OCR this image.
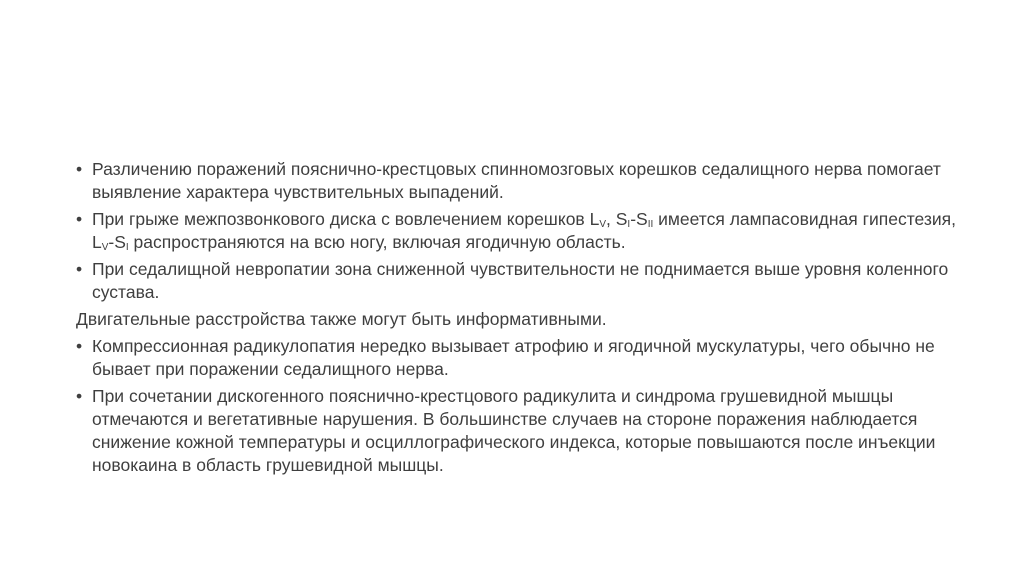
• Различению поражений пояснично-крестцовых спинномозговых корешков седалищного нерва помогает выявление характера чувствительных выпадений.
• При грыже межпозвонкового диска с вовлечением корешков $L_V$, $S_I-S_{II}$ имеется лампасовидная гипестезия, $L_V-S_I$ распространяются на всю ногу, включая ягодичную область.
• При седалищной невропатии зона сниженной чувствительности не поднимается выше уровня коленного сустава.
Двигательные расстройства также могут быть информативными.
• Компрессионная радикулопатия нередко вызывает атрофию и ягодичной мускулатуры, чего обычно не бывает при поражении седалищного нерва.
• При сочетании дискогенного пояснично-крестцового радикулита и синдрома грушевидной мышцы отмечаются и вегетативные нарушения. В большинстве случаев на стороне поражения наблюдается снижение кожной температуры и осциллографического индекса, которые повышаются после инъекции новокаина в область грушевидной мышцы.
